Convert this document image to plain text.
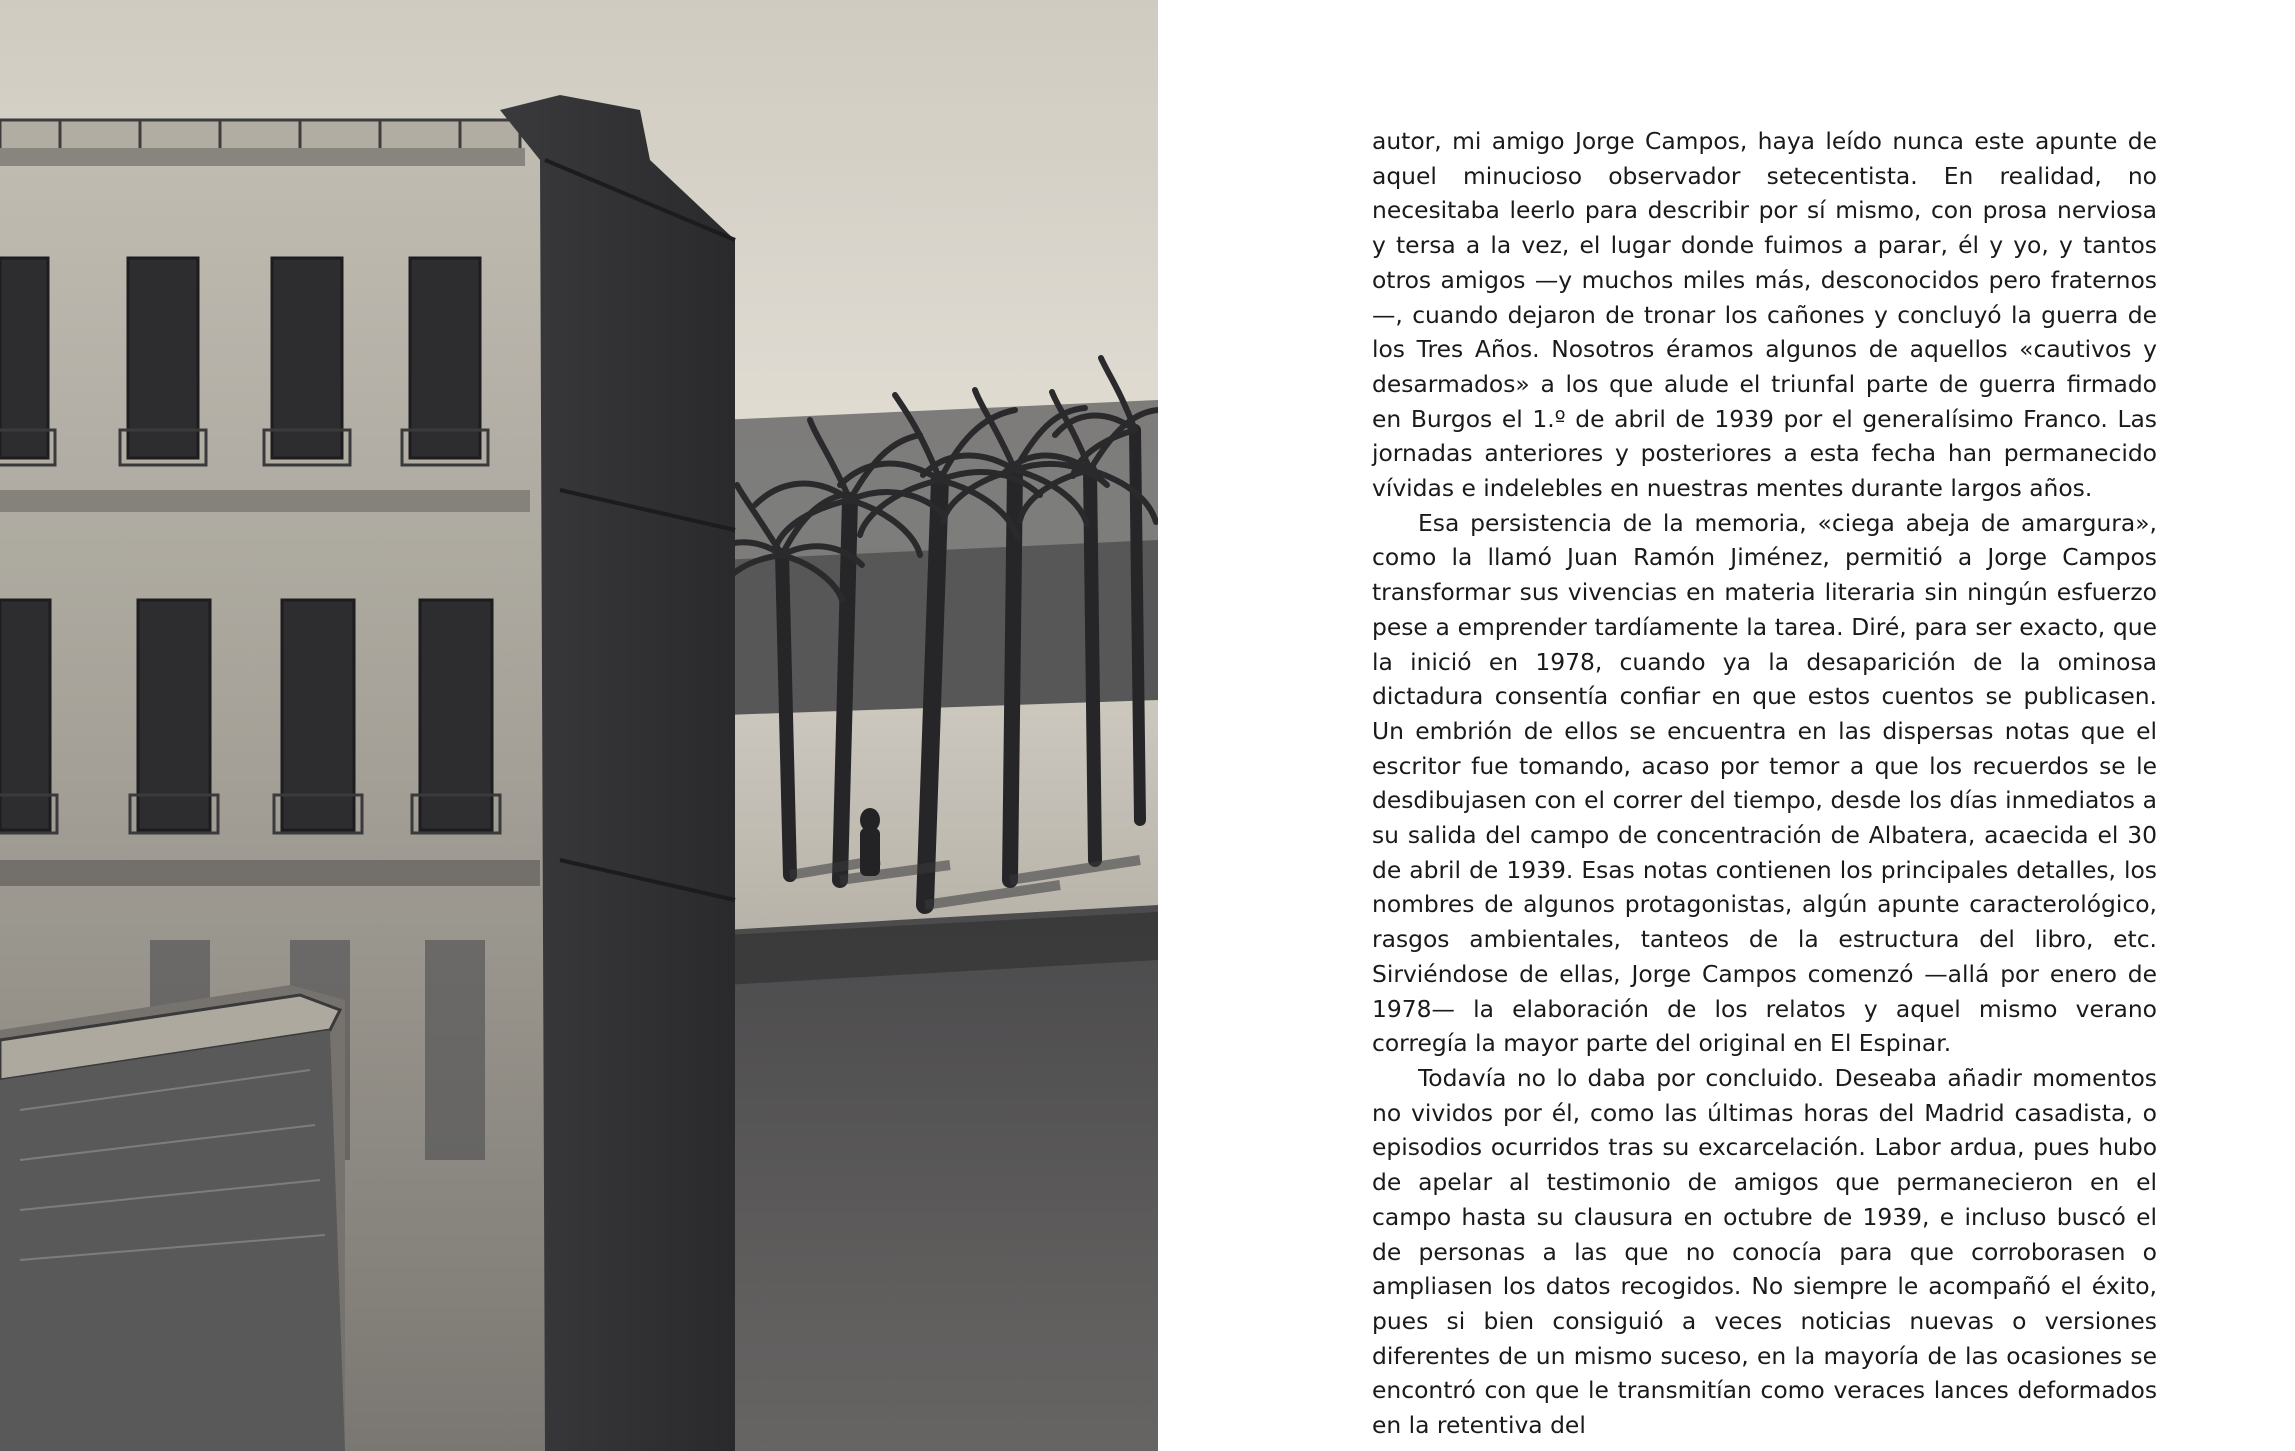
autor, mi amigo Jorge Campos, haya leído nunca este apunte de aquel minucioso observador setecentista. En realidad, no necesitaba leerlo para describir por sí mismo, con prosa nerviosa y tersa a la vez, el lugar donde fuimos a parar, él y yo, y tantos otros amigos —y muchos miles más, desconocidos pero fraternos—, cuando dejaron de tronar los cañones y concluyó la guerra de los Tres Años. Nosotros éramos algunos de aquellos «cautivos y desarmados» a los que alude el triunfal parte de guerra firmado en Burgos el 1.º de abril de 1939 por el generalísimo Franco. Las jornadas anteriores y posteriores a esta fecha han permanecido vívidas e indelebles en nuestras mentes durante largos años.

Esa persistencia de la memoria, «ciega abeja de amargura», como la llamó Juan Ramón Jiménez, permitió a Jorge Campos transformar sus vivencias en materia literaria sin ningún esfuerzo pese a emprender tardíamente la tarea. Diré, para ser exacto, que la inició en 1978, cuando ya la desaparición de la ominosa dictadura consentía confiar en que estos cuentos se publicasen. Un embrión de ellos se encuentra en las dispersas notas que el escritor fue tomando, acaso por temor a que los recuerdos se le desdibujasen con el correr del tiempo, desde los días inmediatos a su salida del campo de concentración de Albatera, acaecida el 30 de abril de 1939. Esas notas contienen los principales detalles, los nombres de algunos protagonistas, algún apunte caracterológico, rasgos ambientales, tanteos de la estructura del libro, etc. Sirviéndose de ellas, Jorge Campos comenzó —allá por enero de 1978— la elaboración de los relatos y aquel mismo verano corregía la mayor parte del original en El Espinar.

Todavía no lo daba por concluido. Deseaba añadir momentos no vividos por él, como las últimas horas del Madrid casadista, o episodios ocurridos tras su excarcelación. Labor ardua, pues hubo de apelar al testimonio de amigos que permanecieron en el campo hasta su clausura en octubre de 1939, e incluso buscó el de personas a las que no conocía para que corroborasen o ampliasen los datos recogidos. No siempre le acompañó el éxito, pues si bien consiguió a veces noticias nuevas o versiones diferentes de un mismo suceso, en la mayoría de las ocasiones se encontró con que le transmitían como veraces lances deformados en la retentiva del
